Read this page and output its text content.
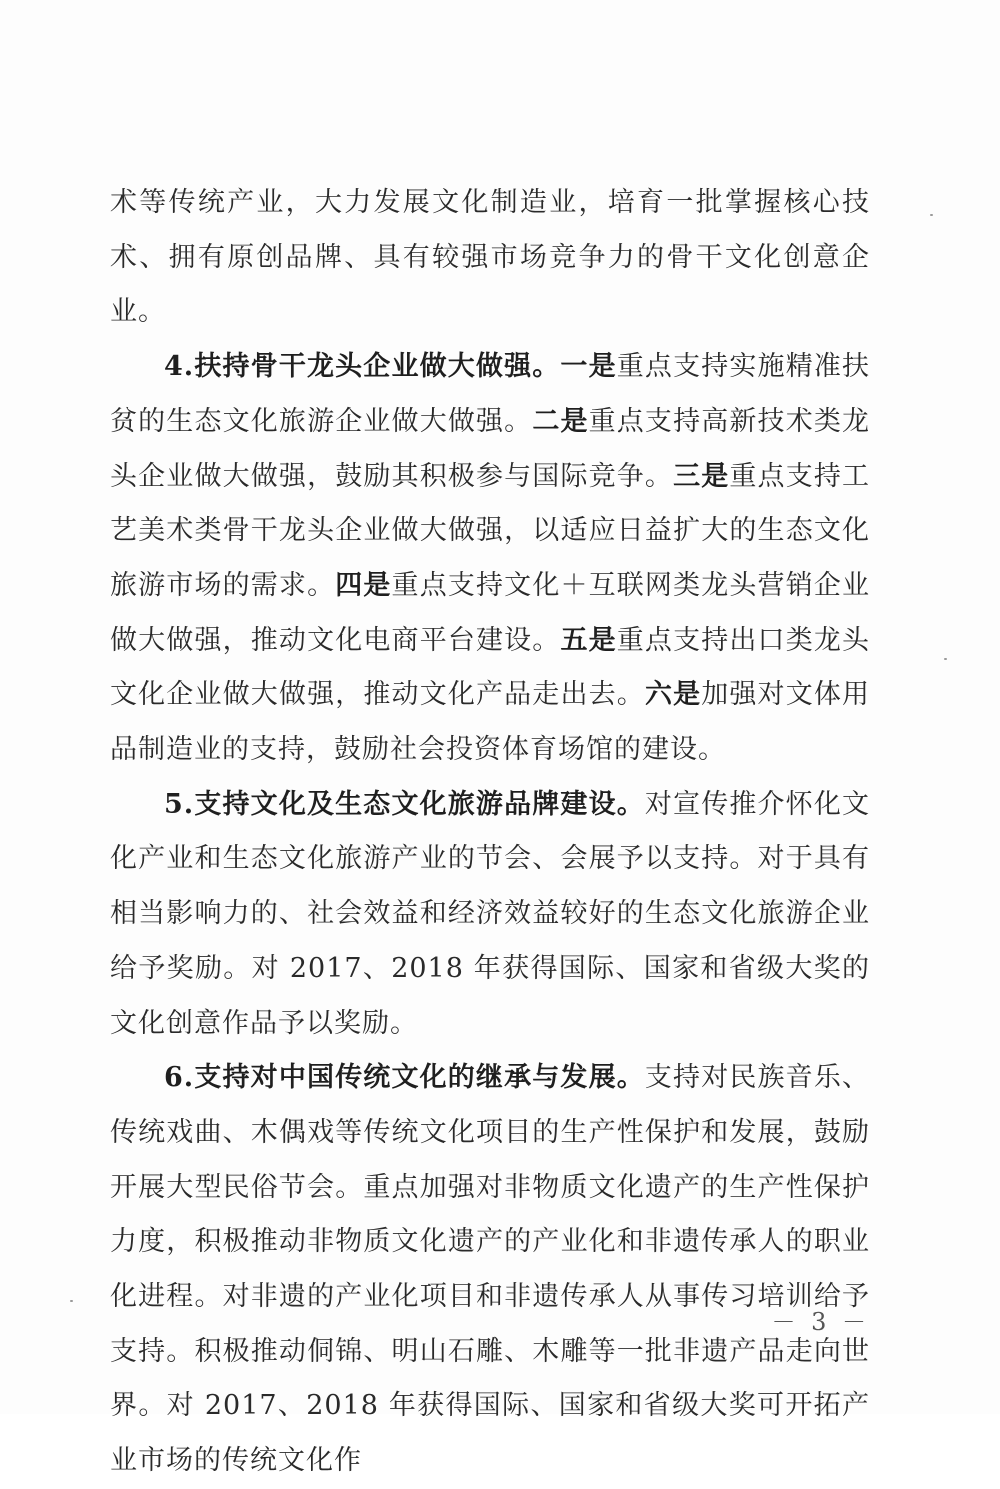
术等传统产业，大力发展文化制造业，培育一批掌握核心技术、拥有原创品牌、具有较强市场竞争力的骨干文化创意企业。

4.扶持骨干龙头企业做大做强。一是重点支持实施精准扶贫的生态文化旅游企业做大做强。二是重点支持高新技术类龙头企业做大做强，鼓励其积极参与国际竞争。三是重点支持工艺美术类骨干龙头企业做大做强，以适应日益扩大的生态文化旅游市场的需求。四是重点支持文化＋互联网类龙头营销企业做大做强，推动文化电商平台建设。五是重点支持出口类龙头文化企业做大做强，推动文化产品走出去。六是加强对文体用品制造业的支持，鼓励社会投资体育场馆的建设。

5.支持文化及生态文化旅游品牌建设。对宣传推介怀化文化产业和生态文化旅游产业的节会、会展予以支持。对于具有相当影响力的、社会效益和经济效益较好的生态文化旅游企业给予奖励。对 2017、2018 年获得国际、国家和省级大奖的文化创意作品予以奖励。

6.支持对中国传统文化的继承与发展。支持对民族音乐、传统戏曲、木偶戏等传统文化项目的生产性保护和发展，鼓励开展大型民俗节会。重点加强对非物质文化遗产的生产性保护力度，积极推动非物质文化遗产的产业化和非遗传承人的职业化进程。对非遗的产业化项目和非遗传承人从事传习培训给予支持。积极推动侗锦、明山石雕、木雕等一批非遗产品走向世界。对 2017、2018 年获得国际、国家和省级大奖可开拓产业市场的传统文化作

－ 3 －
